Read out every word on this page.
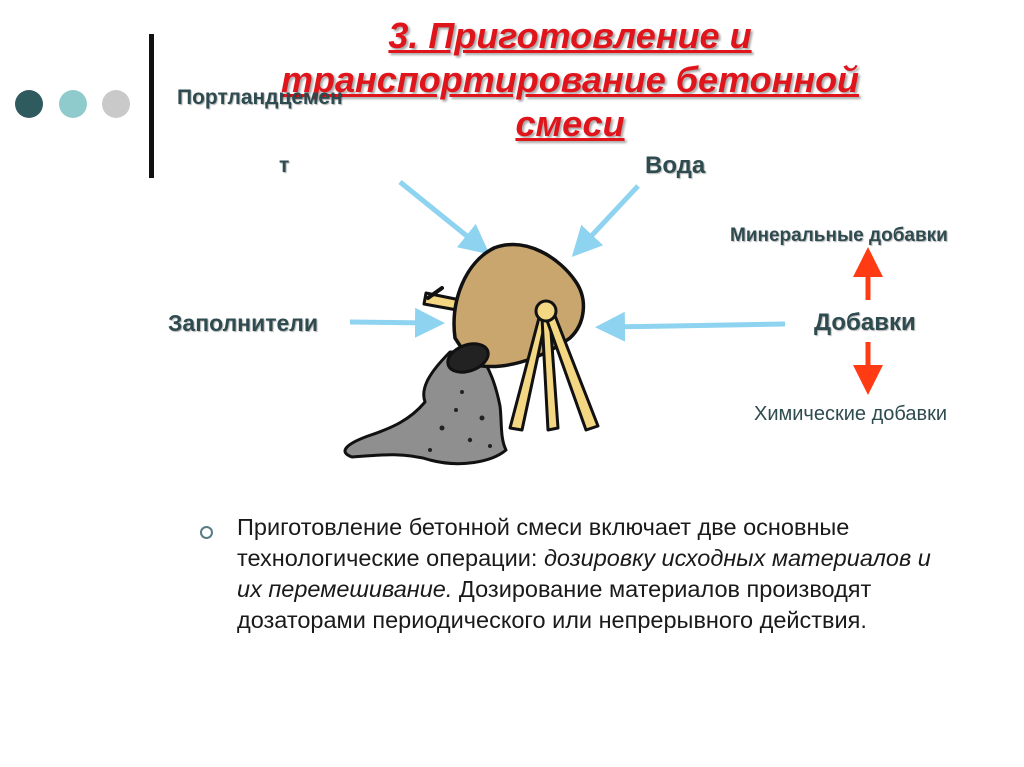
3. Приготовление и транспортирование бетонной смеси
Портландцемен
т	Вода
Заполнители	Добавки
Минеральные добавки
Химические добавки
Приготовление бетонной смеси включает две основные технологические операции: дозировку исходных материалов и их перемешивание. Дозирование материалов производят дозаторами периодического или непрерывного действия.
